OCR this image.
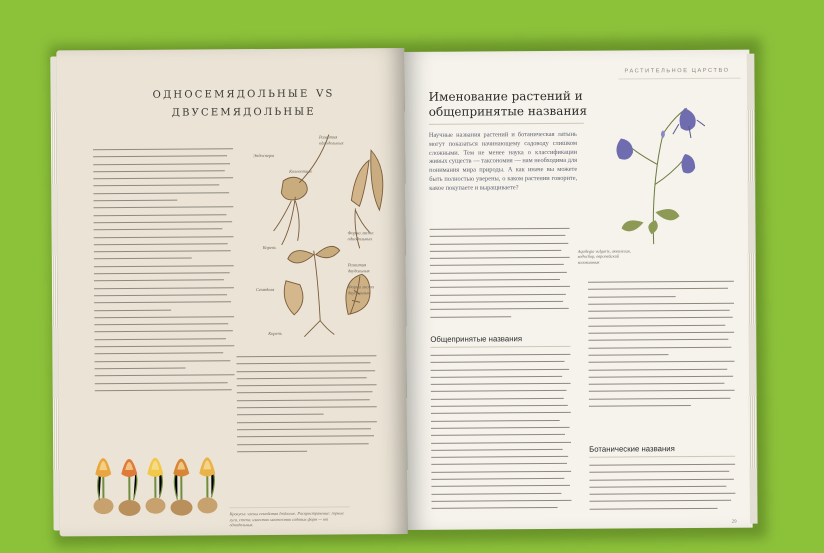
односемядольные vs
двусемядольные
Развития однодольных
Эндосперм
Колеоптиле
Корень
Форма листа однодольных
Развития двудольных
Семядоля
Корень
Форма листа двудольных
Крокусы: члены семейства Iridaceae. Распространение: горные луга, степи; известно множество садовых форм — от однодольных.
РАСТИТЕЛЬНОЕ ЦАРСТВО
Именование растений и общепринятые названия
Научные названия растений и ботаническая латынь могут показаться начинающему садоводу слишком сложными. Тем не менее наука о классификации живых существ — таксономия — нам необходима для понимания мира природы. А как иначе вы можете быть полностью уверены, о каком растении говорите, какое покупаете и выращиваете?
Общепринятые названия
Aquilegia vulgaris, аквилегия, водосбор, европейский колокольчик
Ботанические названия
29
